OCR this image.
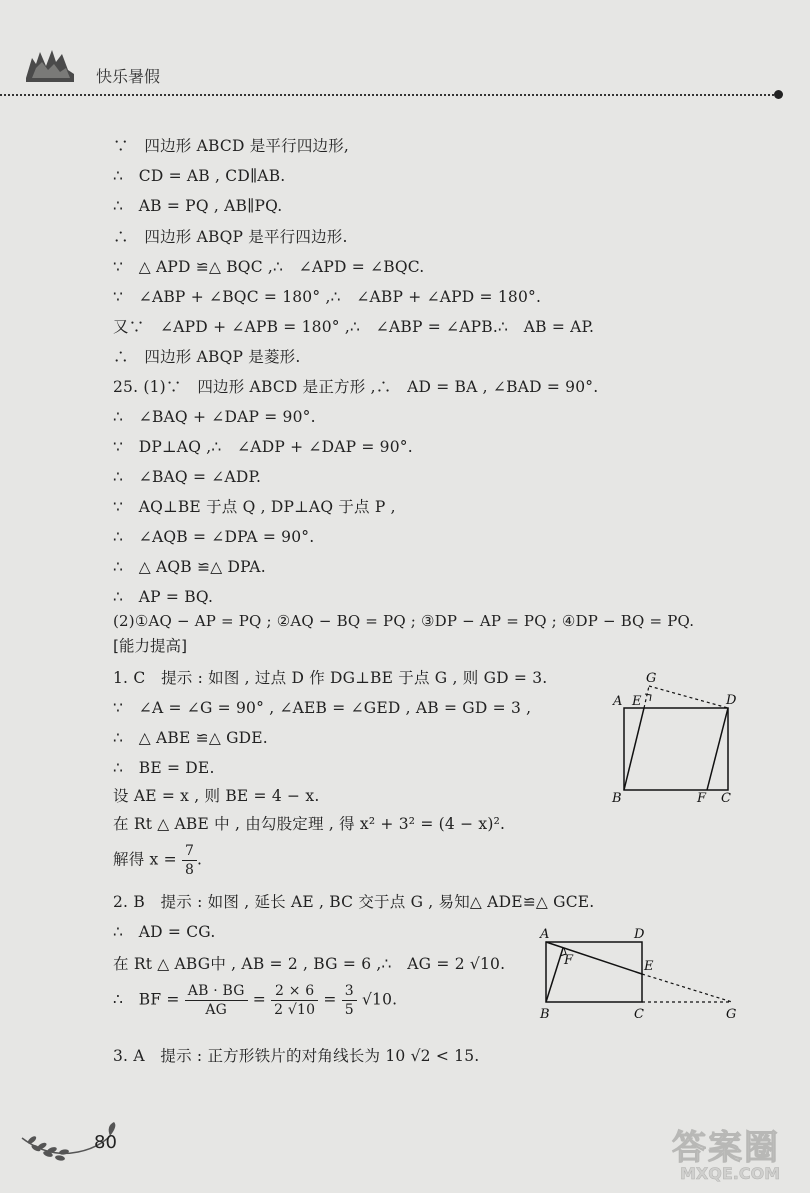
快乐暑假
∵　四边形 ABCD 是平行四边形,
∴　CD = AB , CD∥AB.
∴　AB = PQ , AB∥PQ.
∴　四边形 ABQP 是平行四边形.
∵　△ APD ≌△ BQC ,∴　∠APD = ∠BQC.
∵　∠ABP + ∠BQC = 180° ,∴　∠ABP + ∠APD = 180°.
又∵　∠APD + ∠APB = 180° ,∴　∠ABP = ∠APB.∴　AB = AP.
∴　四边形 ABQP 是菱形.
25. (1)∵　四边形 ABCD 是正方形 ,∴　AD = BA , ∠BAD = 90°.
∴　∠BAQ + ∠DAP = 90°.
∵　DP⊥AQ ,∴　∠ADP + ∠DAP = 90°.
∴　∠BAQ = ∠ADP.
∵　AQ⊥BE 于点 Q , DP⊥AQ 于点 P ,
∴　∠AQB = ∠DPA = 90°.
∴　△ AQB ≌△ DPA.
∴　AP = BQ.
(2)①AQ − AP = PQ ; ②AQ − BQ = PQ ; ③DP − AP = PQ ; ④DP − BQ = PQ.
[能力提高]
1. C　提示 : 如图 , 过点 D 作 DG⊥BE 于点 G , 则 GD = 3.
∵　∠A = ∠G = 90° , ∠AEB = ∠GED , AB = GD = 3 ,
∴　△ ABE ≌△ GDE.
∴　BE = DE.
设 AE = x , 则 BE = 4 − x.
在 Rt △ ABE 中 , 由勾股定理 , 得 x² + 3² = (4 − x)².
解得 $x = \frac{7}{8}$ .
2. B　提示 : 如图 , 延长 AE , BC 交于点 G , 易知△ ADE≌△ GCE.
∴　AD = CG.
在 Rt △ ABG中 , AB = 2 , BG = 6 ,∴　AG = 2 √10.
∴　BF = $\frac{AB \cdot BG}{AG} = \frac{2 \times 6}{2 √10} = \frac{3}{5} √10$.
3. A　提示 : 正方形铁片的对角线长为 10 √2 < 15.
A E
G
D
B	F C
A	D
F	E
B	C	G
80	答案圈
MXQE.COM
